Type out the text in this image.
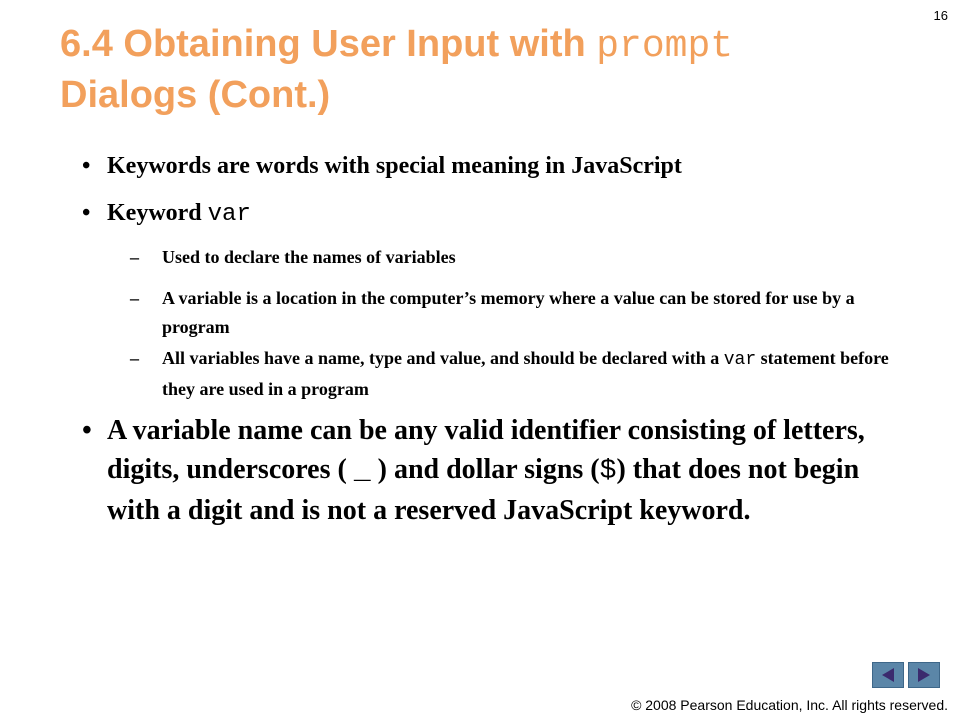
16
6.4 Obtaining User Input with prompt
Dialogs (Cont.)
• Keywords are words with special meaning in JavaScript
• Keyword var
– Used to declare the names of variables
– A variable is a location in the computer’s memory where a value can be stored for use by a program
– All variables have a name, type and value, and should be declared with a var statement before they are used in a program
• A variable name can be any valid identifier consisting of letters, digits, underscores ( _ ) and dollar signs ($) that does not begin with a digit and is not a reserved JavaScript keyword.
© 2008 Pearson Education, Inc. All rights reserved.
